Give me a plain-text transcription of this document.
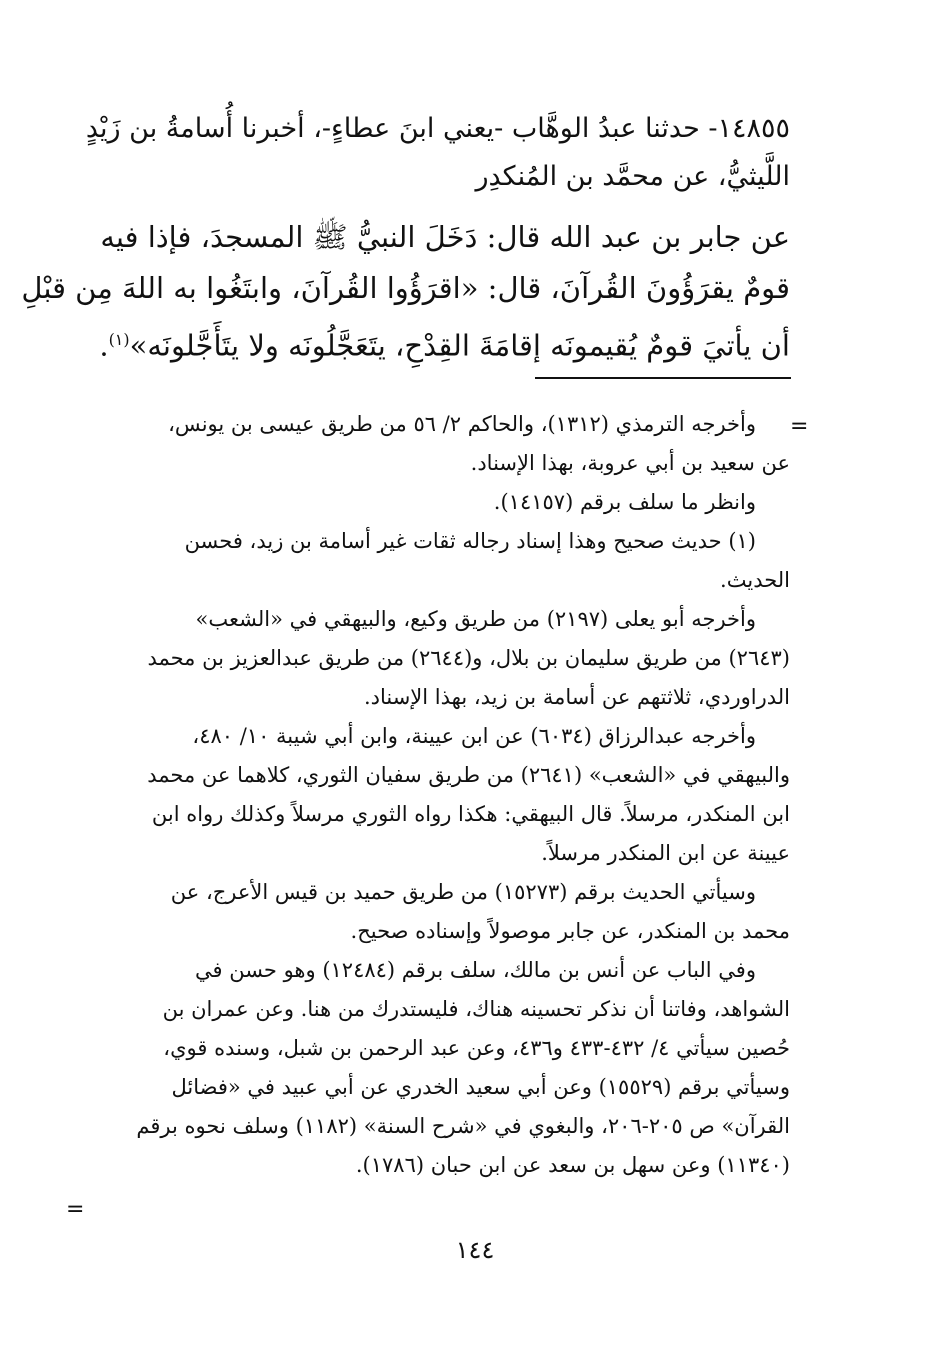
١٤٨٥٥- حدثنا عبدُ الوهَّاب -يعني ابنَ عطاءٍ-، أخبرنا أُسامةُ بن زَيْدٍ
اللَّيثيُّ، عن محمَّد بن المُنكدِر
عن جابر بن عبد الله قال: دَخَلَ النبيُّ ﷺ المسجدَ، فإذا فيه
قومٌ يقرَؤُونَ القُرآنَ، قال: «اقرَؤُوا القُرآنَ، وابتَغُوا به اللهَ مِن قبْلِ
أن يأتيَ قومٌ يُقيمونَه إقامَةَ القِدْحِ، يتَعَجَّلُونَه ولا يتَأَجَّلونَه»$^{(١)}$.
=
وأخرجه الترمذي (١٣١٢)، والحاكم ٢/ ٥٦ من طريق عيسى بن يونس،
عن سعيد بن أبي عروبة، بهذا الإسناد.
وانظر ما سلف برقم (١٤١٥٧).
(١) حديث صحيح وهذا إسناد رجاله ثقات غير أسامة بن زيد، فحسن
الحديث.
وأخرجه أبو يعلى (٢١٩٧) من طريق وكيع، والبيهقي في «الشعب»
(٢٦٤٣) من طريق سليمان بن بلال، و(٢٦٤٤) من طريق عبدالعزيز بن محمد
الدراوردي، ثلاثتهم عن أسامة بن زيد، بهذا الإسناد.
وأخرجه عبدالرزاق (٦٠٣٤) عن ابن عيينة، وابن أبي شيبة ١٠/ ٤٨٠،
والبيهقي في «الشعب» (٢٦٤١) من طريق سفيان الثوري، كلاهما عن محمد
ابن المنكدر، مرسلاً. قال البيهقي: هكذا رواه الثوري مرسلاً وكذلك رواه ابن
عيينة عن ابن المنكدر مرسلاً.
وسيأتي الحديث برقم (١٥٢٧٣) من طريق حميد بن قيس الأعرج، عن
محمد بن المنكدر، عن جابر موصولاً وإسناده صحيح.
وفي الباب عن أنس بن مالك، سلف برقم (١٢٤٨٤) وهو حسن في
الشواهد، وفاتنا أن نذكر تحسينه هناك، فليستدرك من هنا. وعن عمران بن
حُصين سيأتي ٤/ ٤٣٢-٤٣٣ و٤٣٦، وعن عبد الرحمن بن شبل، وسنده قوي،
وسيأتي برقم (١٥٥٢٩) وعن أبي سعيد الخدري عن أبي عبيد في «فضائل
القرآن» ص ٢٠٥-٢٠٦، والبغوي في «شرح السنة» (١١٨٢) وسلف نحوه برقم
(١١٣٤٠) وعن سهل بن سعد عن ابن حبان (١٧٨٦).
=
١٤٤
